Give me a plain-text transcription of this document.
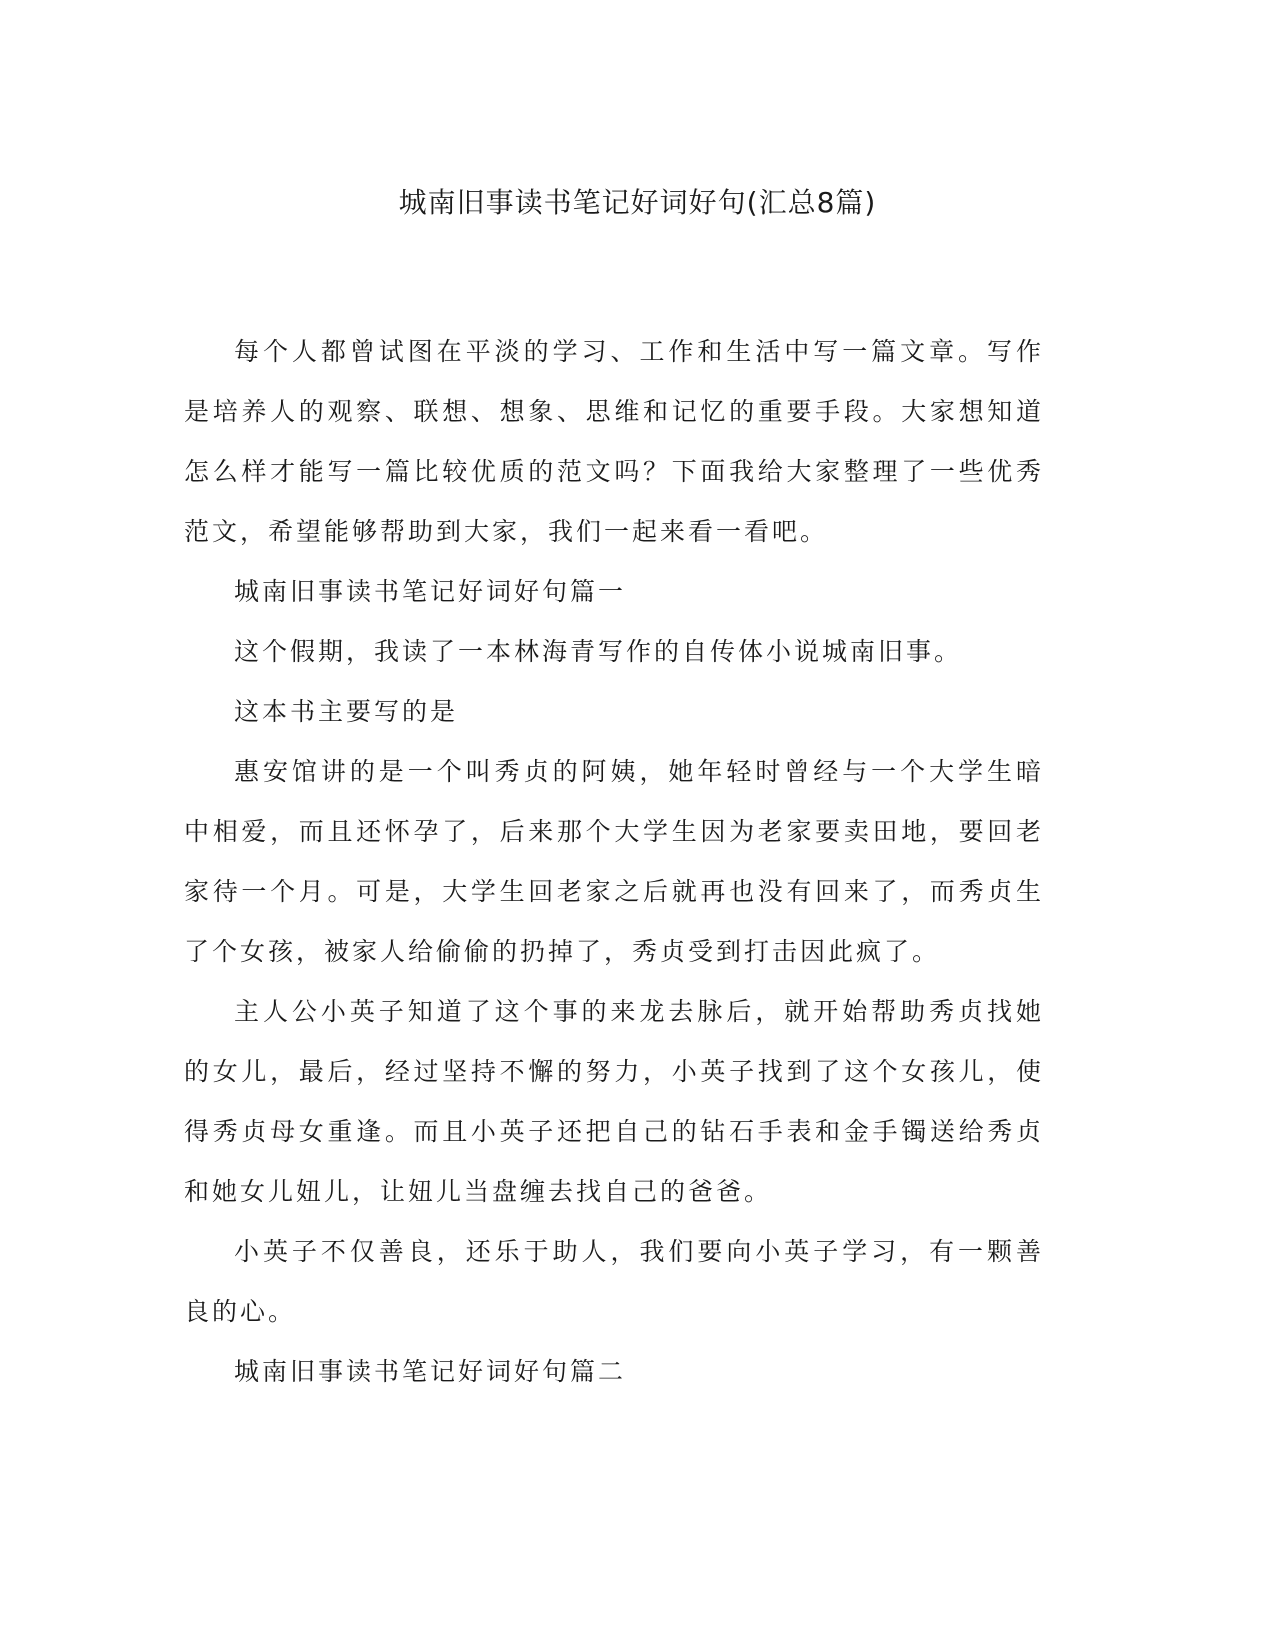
城南旧事读书笔记好词好句(汇总8篇)

每个人都曾试图在平淡的学习、工作和生活中写一篇文章。写作是培养人的观察、联想、想象、思维和记忆的重要手段。大家想知道怎么样才能写一篇比较优质的范文吗？下面我给大家整理了一些优秀范文，希望能够帮助到大家，我们一起来看一看吧。

城南旧事读书笔记好词好句篇一

这个假期，我读了一本林海青写作的自传体小说城南旧事。

这本书主要写的是

惠安馆讲的是一个叫秀贞的阿姨，她年轻时曾经与一个大学生暗中相爱，而且还怀孕了，后来那个大学生因为老家要卖田地，要回老家待一个月。可是，大学生回老家之后就再也没有回来了，而秀贞生了个女孩，被家人给偷偷的扔掉了，秀贞受到打击因此疯了。

主人公小英子知道了这个事的来龙去脉后，就开始帮助秀贞找她的女儿，最后，经过坚持不懈的努力，小英子找到了这个女孩儿，使得秀贞母女重逢。而且小英子还把自己的钻石手表和金手镯送给秀贞和她女儿妞儿，让妞儿当盘缠去找自己的爸爸。

小英子不仅善良，还乐于助人，我们要向小英子学习，有一颗善良的心。

城南旧事读书笔记好词好句篇二
